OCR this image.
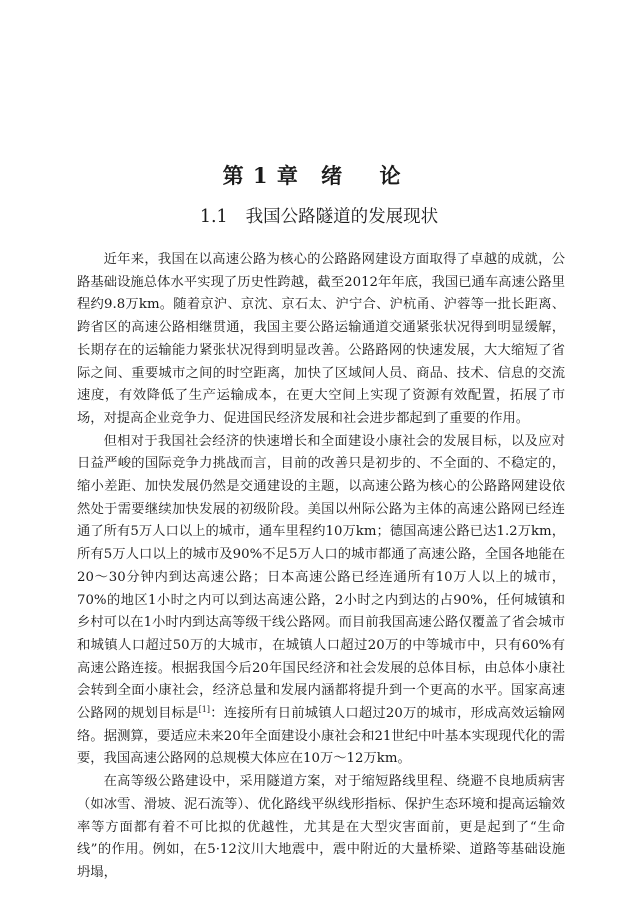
第 1 章 绪 论
1.1 我国公路隧道的发展现状

近年来，我国在以高速公路为核心的公路路网建设方面取得了卓越的成就，公路基础设施总体水平实现了历史性跨越，截至2012年年底，我国已通车高速公路里程约9.8万km。随着京沪、京沈、京石太、沪宁合、沪杭甬、沪蓉等一批长距离、跨省区的高速公路相继贯通，我国主要公路运输通道交通紧张状况得到明显缓解，长期存在的运输能力紧张状况得到明显改善。公路路网的快速发展，大大缩短了省际之间、重要城市之间的时空距离，加快了区域间人员、商品、技术、信息的交流速度，有效降低了生产运输成本，在更大空间上实现了资源有效配置，拓展了市场，对提高企业竞争力、促进国民经济发展和社会进步都起到了重要的作用。

但相对于我国社会经济的快速增长和全面建设小康社会的发展目标，以及应对日益严峻的国际竞争力挑战而言，目前的改善只是初步的、不全面的、不稳定的，缩小差距、加快发展仍然是交通建设的主题，以高速公路为核心的公路路网建设依然处于需要继续加快发展的初级阶段。美国以州际公路为主体的高速公路网已经连通了所有5万人口以上的城市，通车里程约10万km；德国高速公路已达1.2万km，所有5万人口以上的城市及90%不足5万人口的城市都通了高速公路，全国各地能在20～30分钟内到达高速公路；日本高速公路已经连通所有10万人以上的城市，70%的地区1小时之内可以到达高速公路，2小时之内到达的占90%，任何城镇和乡村可以在1小时内到达高等级干线公路网。而目前我国高速公路仅覆盖了省会城市和城镇人口超过50万的大城市，在城镇人口超过20万的中等城市中，只有60%有高速公路连接。根据我国今后20年国民经济和社会发展的总体目标，由总体小康社会转到全面小康社会，经济总量和发展内涵都将提升到一个更高的水平。国家高速公路网的规划目标是[1]：连接所有日前城镇人口超过20万的城市，形成高效运输网络。据测算，要适应未来20年全面建设小康社会和21世纪中叶基本实现现代化的需要，我国高速公路网的总规模大体应在10万～12万km。

在高等级公路建设中，采用隧道方案，对于缩短路线里程、绕避不良地质病害（如冰雪、滑坡、泥石流等）、优化路线平纵线形指标、保护生态环境和提高运输效率等方面都有着不可比拟的优越性，尤其是在大型灾害面前，更是起到了“生命线”的作用。例如，在5·12汶川大地震中，震中附近的大量桥梁、道路等基础设施坍塌，
